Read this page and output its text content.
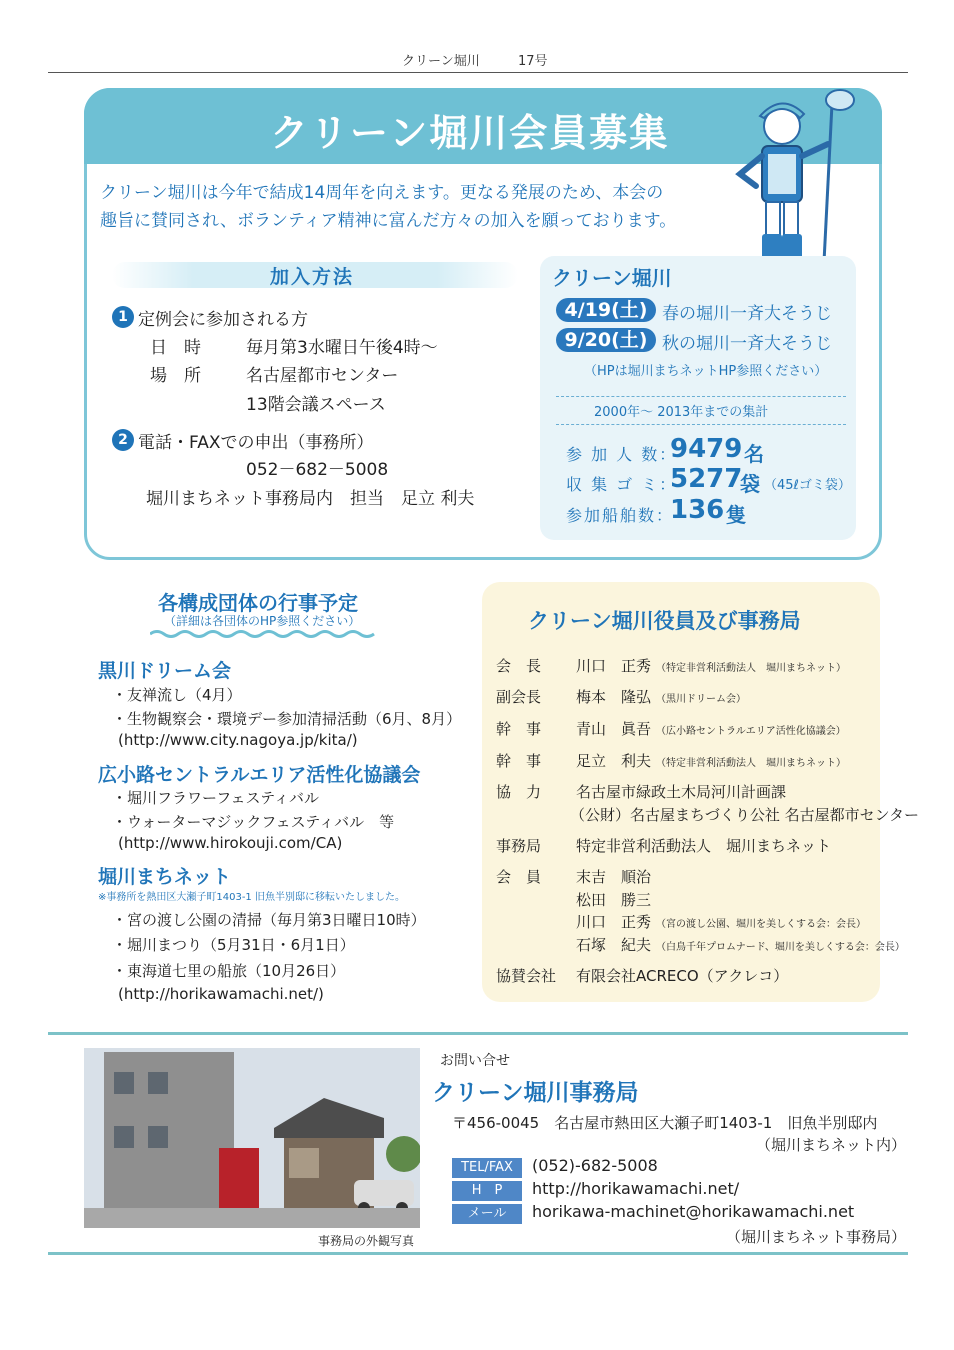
クリーン堀川	17号
クリーン堀川会員募集
クリーン堀川は今年で結成14周年を向えます。更なる発展のため、本会の
趣旨に賛同され、ボランティア精神に富んだ方々の加入を願っております。
加入方法
1 定例会に参加される方
日　時	毎月第3水曜日午後4時～
場　所	名古屋都市センター
13階会議スペース
2 電話・FAXでの申出（事務所）
052－682－5008
堀川まちネット事務局内　担当　足立 利夫
クリーン堀川
4/19(土) 春の堀川一斉大そうじ
9/20(土) 秋の堀川一斉大そうじ
（HPは堀川まちネットHP参照ください）
2000年～ 2013年までの集計
参 加 人 数：
9479 名
収 集 ゴ ミ：
5277
袋 （45ℓゴミ袋）
参加船舶数：
136 隻
各構成団体の行事予定
（詳細は各団体のHP参照ください）
黒川ドリーム会
・友禅流し（4月）
・生物観察会・環境デー参加清掃活動（6月、8月）
(http://www.city.nagoya.jp/kita/)
広小路セントラルエリア活性化協議会
・堀川フラワーフェスティバル
・ウォーターマジックフェスティバル　等
(http://www.hirokouji.com/CA)
堀川まちネット
※事務所を熱田区大瀬子町1403-1 旧魚半別邸に移転いたしました。
・宮の渡し公園の清掃（毎月第3日曜日10時）
・堀川まつり（5月31日・6月1日）
・東海道七里の船旅（10月26日）
(http://horikawamachi.net/)
クリーン堀川役員及び事務局
会　長 川口　正秀 （特定非営利活動法人　堀川まちネット）
副会長 梅本　隆弘 （黒川ドリーム会）
幹　事 青山　眞吾 （広小路セントラルエリア活性化協議会）
幹　事 足立　利夫 （特定非営利活動法人　堀川まちネット）
協　力 名古屋市緑政土木局河川計画課
（公財）名古屋まちづくり公社 名古屋都市センター
事務局 特定非営利活動法人　堀川まちネット
会　員 末吉　順治
松田　勝三
川口　正秀 （宮の渡し公園、堀川を美しくする会：会長）
石塚　紀夫 （白鳥千年プロムナード、堀川を美しくする会：会長）
協賛会社 有限会社ACRECO（アクレコ）
事務局の外観写真
お問い合せ
クリーン堀川事務局
〒456-0045　名古屋市熱田区大瀬子町1403-1　旧魚半別邸内
（堀川まちネット内）
TEL/FAX	(052)-682-5008
H　P	http://horikawamachi.net/
メール	horikawa-machinet@horikawamachi.net
（堀川まちネット事務局）
